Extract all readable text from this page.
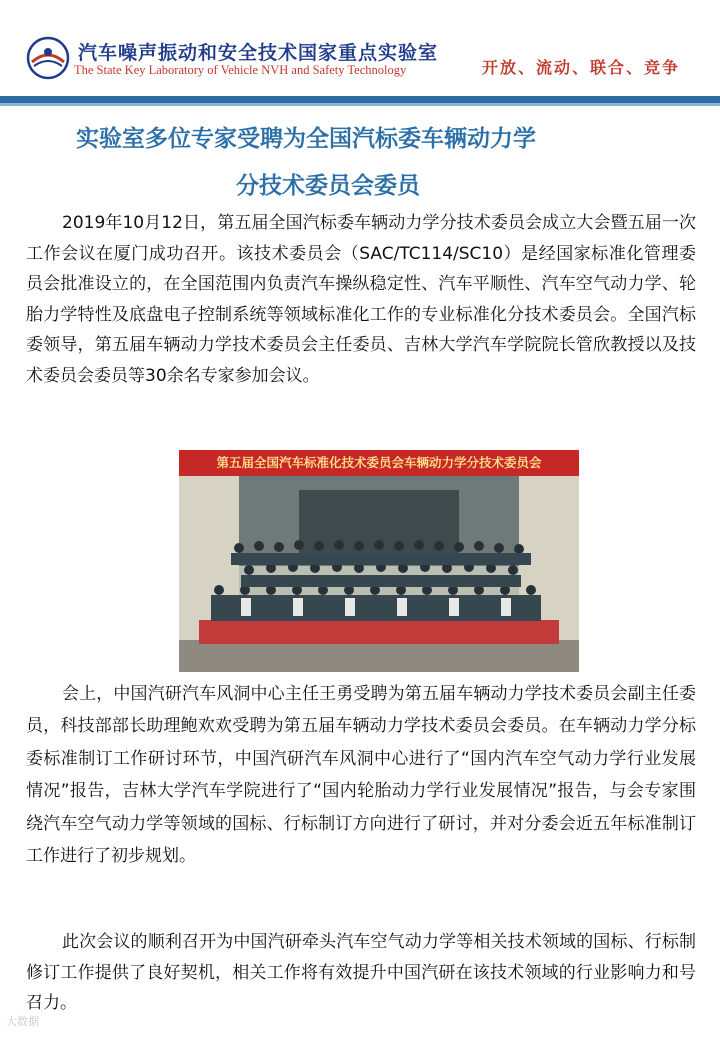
汽车噪声振动和安全技术国家重点实验室
The State Key Laboratory of Vehicle NVH and Safety Technology	开放、流动、联合、竞争
实验室多位专家受聘为全国汽标委车辆动力学
分技术委员会委员

2019年10月12日，第五届全国汽标委车辆动力学分技术委员会成立大会暨五届一次工作会议在厦门成功召开。该技术委员会（SAC/TC114/SC10）是经国家标准化管理委员会批准设立的，在全国范围内负责汽车操纵稳定性、汽车平顺性、汽车空气动力学、轮胎力学特性及底盘电子控制系统等领域标准化工作的专业标准化分技术委员会。全国汽标委领导，第五届车辆动力学技术委员会主任委员、吉林大学汽车学院院长管欣教授以及技术委员会委员等30余名专家参加会议。

第五届全国汽车标准化技术委员会车辆动力学分技术委员会

会上，中国汽研汽车风洞中心主任王勇受聘为第五届车辆动力学技术委员会副主任委员，科技部部长助理鲍欢欢受聘为第五届车辆动力学技术委员会委员。在车辆动力学分标委标准制订工作研讨环节，中国汽研汽车风洞中心进行了“国内汽车空气动力学行业发展情况”报告，吉林大学汽车学院进行了“国内轮胎动力学行业发展情况”报告，与会专家围绕汽车空气动力学等领域的国标、行标制订方向进行了研讨，并对分委会近五年标准制订工作进行了初步规划。

此次会议的顺利召开为中国汽研牵头汽车空气动力学等相关技术领域的国标、行标制修订工作提供了良好契机，相关工作将有效提升中国汽研在该技术领域的行业影响力和号召力。

大数据
